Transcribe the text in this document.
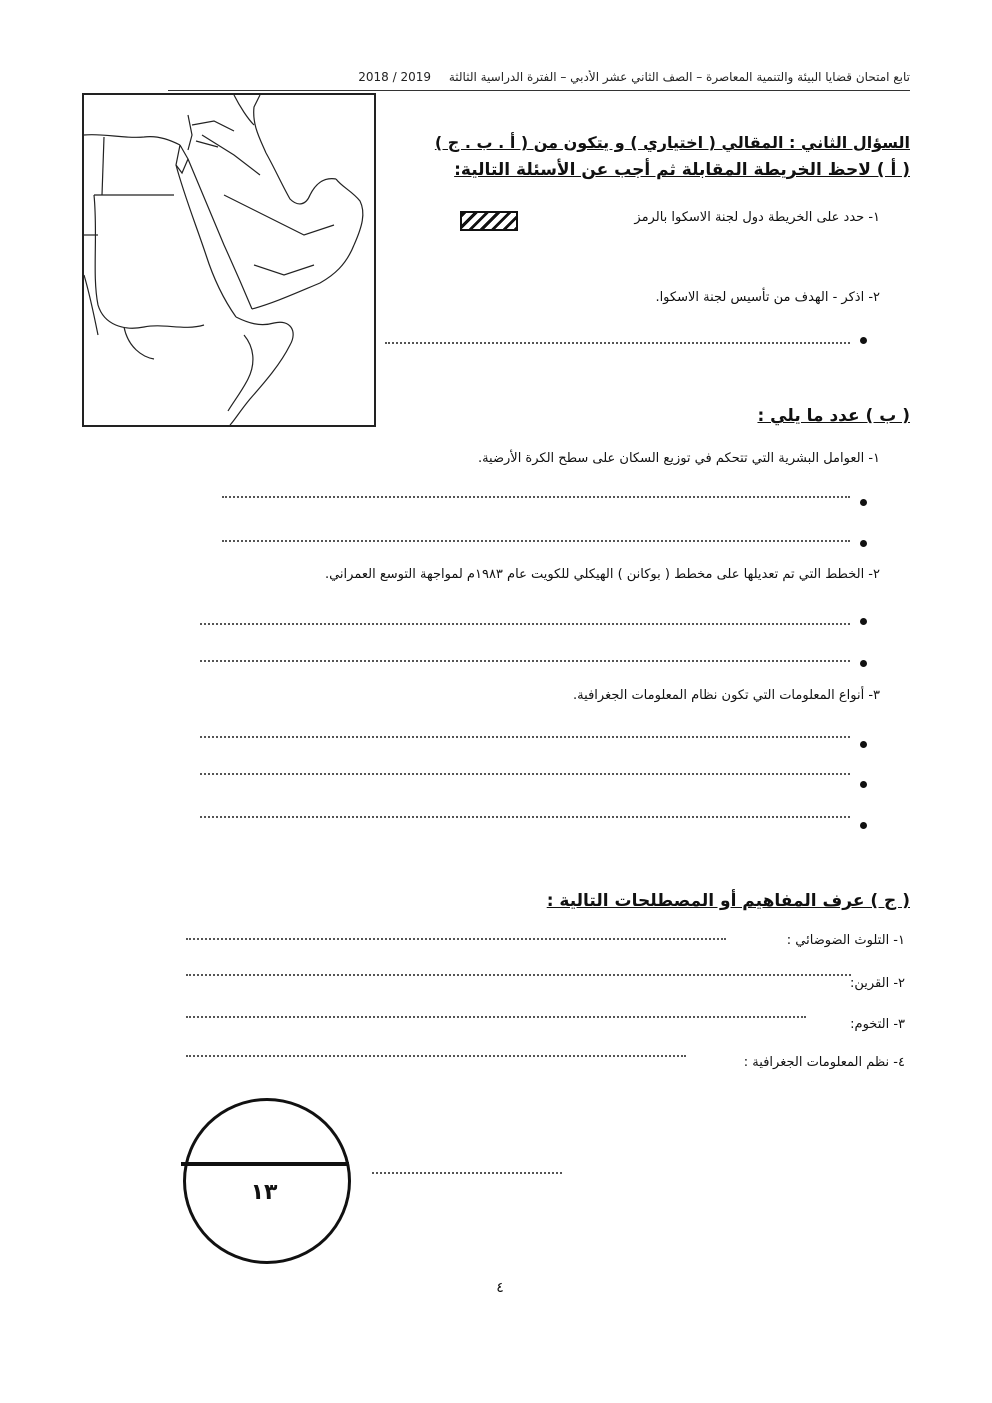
تابع امتحان قضايا البيئة والتنمية المعاصرة – الصف الثاني عشر الأدبي – الفترة الدراسية الثالثة 2019 / 2018
السؤال الثاني : المقالي ( اختياري ) و يتكون من ( أ . ب . ج )
( أ ) لاحظ الخريطة المقابلة ثم أجب عن الأسئلة التالية:
١- حدد على الخريطة دول لجنة الاسكوا بالرمز
٢- اذكر - الهدف من تأسيس لجنة الاسكوا.
( ب ) عدد ما يلي :
١- العوامل البشرية التي تتحكم في توزيع السكان على سطح الكرة الأرضية.
٢- الخطط التي تم تعديلها على مخطط ( بوكانن ) الهيكلي للكويت عام ١٩٨٣م لمواجهة التوسع العمراني.
٣- أنواع المعلومات التي تكون نظام المعلومات الجغرافية.
( ج ) عرف المفاهيم أو المصطلحات التالية :
١- التلوث الضوضائي :
٢- القرين:
٣- التخوم:
٤- نظم المعلومات الجغرافية :
١٣
٤
